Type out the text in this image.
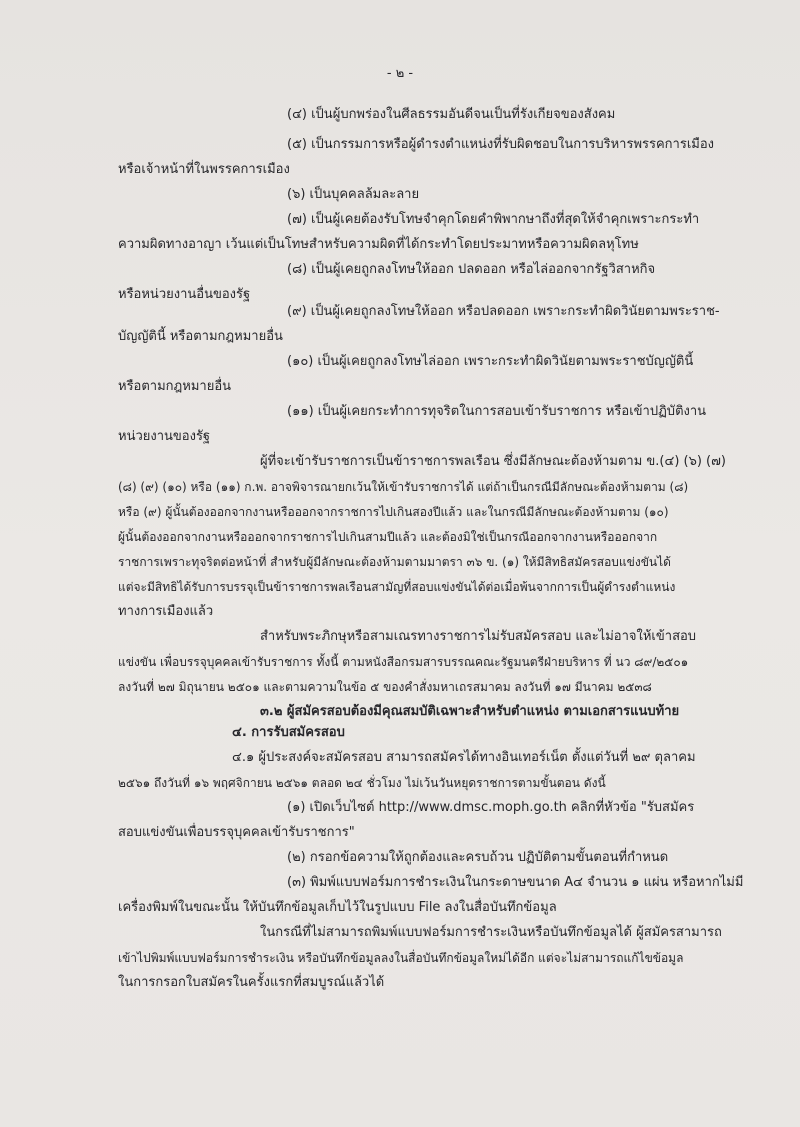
- ๒ -
(๔) เป็นผู้บกพร่องในศีลธรรมอันดีจนเป็นที่รังเกียจของสังคม
(๕) เป็นกรรมการหรือผู้ดำรงตำแหน่งที่รับผิดชอบในการบริหารพรรคการเมือง
หรือเจ้าหน้าที่ในพรรคการเมือง
(๖) เป็นบุคคลล้มละลาย
(๗) เป็นผู้เคยต้องรับโทษจำคุกโดยคำพิพากษาถึงที่สุดให้จำคุกเพราะกระทำ
ความผิดทางอาญา เว้นแต่เป็นโทษสำหรับความผิดที่ได้กระทำโดยประมาทหรือความผิดลหุโทษ
(๘) เป็นผู้เคยถูกลงโทษให้ออก ปลดออก หรือไล่ออกจากรัฐวิสาหกิจ
หรือหน่วยงานอื่นของรัฐ
(๙) เป็นผู้เคยถูกลงโทษให้ออก หรือปลดออก เพราะกระทำผิดวินัยตามพระราช-
บัญญัตินี้ หรือตามกฎหมายอื่น
(๑๐) เป็นผู้เคยถูกลงโทษไล่ออก เพราะกระทำผิดวินัยตามพระราชบัญญัตินี้
หรือตามกฎหมายอื่น
(๑๑) เป็นผู้เคยกระทำการทุจริตในการสอบเข้ารับราชการ หรือเข้าปฏิบัติงาน
หน่วยงานของรัฐ
ผู้ที่จะเข้ารับราชการเป็นข้าราชการพลเรือน ซึ่งมีลักษณะต้องห้ามตาม ข.(๔) (๖) (๗)
(๘) (๙) (๑๐) หรือ (๑๑) ก.พ. อาจพิจารณายกเว้นให้เข้ารับราชการได้ แต่ถ้าเป็นกรณีมีลักษณะต้องห้ามตาม (๘)
หรือ (๙) ผู้นั้นต้องออกจากงานหรือออกจากราชการไปเกินสองปีแล้ว และในกรณีมีลักษณะต้องห้ามตาม (๑๐)
ผู้นั้นต้องออกจากงานหรือออกจากราชการไปเกินสามปีแล้ว และต้องมิใช่เป็นกรณีออกจากงานหรือออกจาก
ราชการเพราะทุจริตต่อหน้าที่ สำหรับผู้มีลักษณะต้องห้ามตามมาตรา ๓๖ ข. (๑) ให้มีสิทธิสมัครสอบแข่งขันได้
แต่จะมีสิทธิได้รับการบรรจุเป็นข้าราชการพลเรือนสามัญที่สอบแข่งขันได้ต่อเมื่อพ้นจากการเป็นผู้ดำรงตำแหน่ง
ทางการเมืองแล้ว
สำหรับพระภิกษุหรือสามเณรทางราชการไม่รับสมัครสอบ และไม่อาจให้เข้าสอบ
แข่งขัน เพื่อบรรจุบุคคลเข้ารับราชการ ทั้งนี้ ตามหนังสือกรมสารบรรณคณะรัฐมนตรีฝ่ายบริหาร ที่ นว ๘๙/๒๕๐๑
ลงวันที่ ๒๗ มิถุนายน ๒๕๐๑ และตามความในข้อ ๕ ของคำสั่งมหาเถรสมาคม ลงวันที่ ๑๗ มีนาคม ๒๕๓๘
๓.๒ ผู้สมัครสอบต้องมีคุณสมบัติเฉพาะสำหรับตำแหน่ง ตามเอกสารแนบท้าย
๔. การรับสมัครสอบ
๔.๑ ผู้ประสงค์จะสมัครสอบ สามารถสมัครได้ทางอินเทอร์เน็ต ตั้งแต่วันที่ ๒๙ ตุลาคม
๒๕๖๑ ถึงวันที่ ๑๖ พฤศจิกายน ๒๕๖๑ ตลอด ๒๔ ชั่วโมง ไม่เว้นวันหยุดราชการตามขั้นตอน ดังนี้
(๑) เปิดเว็บไซต์ http://www.dmsc.moph.go.th คลิกที่หัวข้อ "รับสมัคร
สอบแข่งขันเพื่อบรรจุบุคคลเข้ารับราชการ"
(๒) กรอกข้อความให้ถูกต้องและครบถ้วน ปฏิบัติตามขั้นตอนที่กำหนด
(๓) พิมพ์แบบฟอร์มการชำระเงินในกระดาษขนาด A๔ จำนวน ๑ แผ่น หรือหากไม่มี
เครื่องพิมพ์ในขณะนั้น ให้บันทึกข้อมูลเก็บไว้ในรูปแบบ File ลงในสื่อบันทึกข้อมูล
ในกรณีที่ไม่สามารถพิมพ์แบบฟอร์มการชำระเงินหรือบันทึกข้อมูลได้ ผู้สมัครสามารถ
เข้าไปพิมพ์แบบฟอร์มการชำระเงิน หรือบันทึกข้อมูลลงในสื่อบันทึกข้อมูลใหม่ได้อีก แต่จะไม่สามารถแก้ไขข้อมูล
ในการกรอกใบสมัครในครั้งแรกที่สมบูรณ์แล้วได้
